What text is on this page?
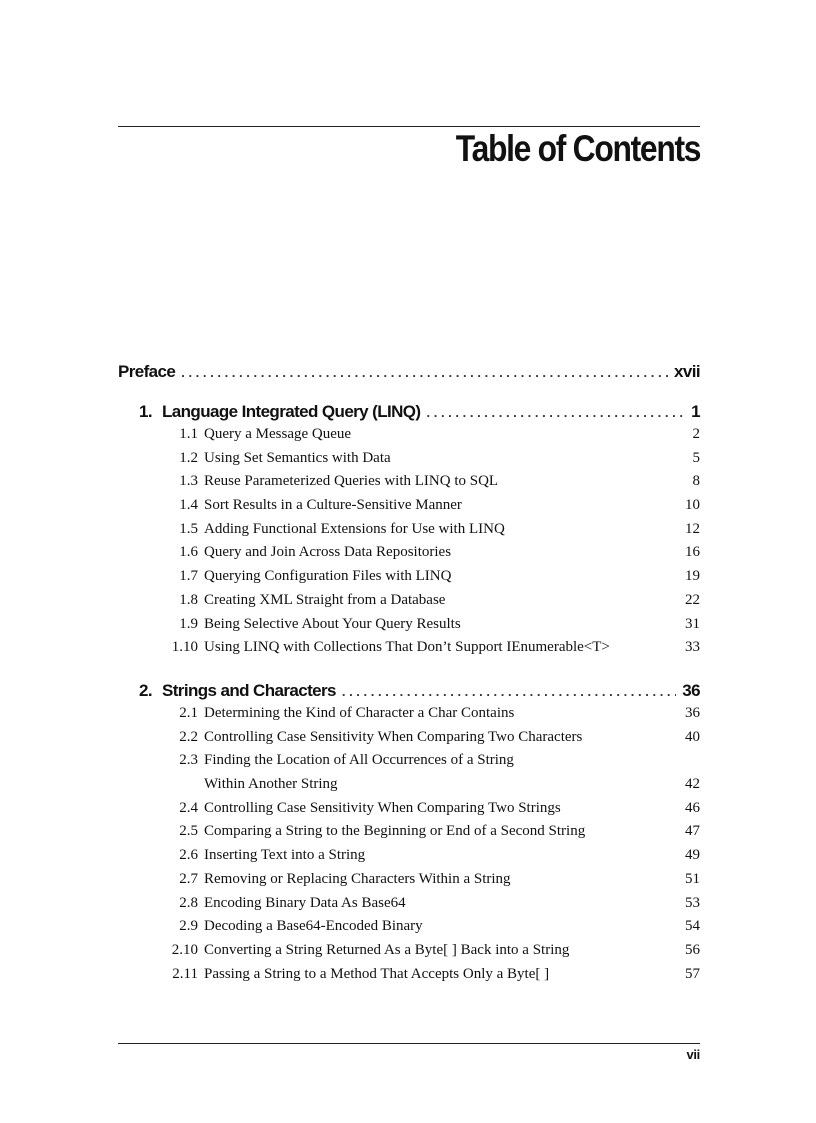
Table of Contents
Preface . . .	xvii
1. Language Integrated Query (LINQ) . . .	1
1.1 Query a Message Queue	2
1.2 Using Set Semantics with Data	5
1.3 Reuse Parameterized Queries with LINQ to SQL	8
1.4 Sort Results in a Culture-Sensitive Manner	10
1.5 Adding Functional Extensions for Use with LINQ	12
1.6 Query and Join Across Data Repositories	16
1.7 Querying Configuration Files with LINQ	19
1.8 Creating XML Straight from a Database	22
1.9 Being Selective About Your Query Results	31
1.10 Using LINQ with Collections That Don’t Support IEnumerable<T>	33
2. Strings and Characters . . .	36
2.1 Determining the Kind of Character a Char Contains	36
2.2 Controlling Case Sensitivity When Comparing Two Characters	40
2.3 Finding the Location of All Occurrences of a String
Within Another String	42
2.4 Controlling Case Sensitivity When Comparing Two Strings	46
2.5 Comparing a String to the Beginning or End of a Second String	47
2.6 Inserting Text into a String	49
2.7 Removing or Replacing Characters Within a String	51
2.8 Encoding Binary Data As Base64	53
2.9 Decoding a Base64-Encoded Binary	54
2.10 Converting a String Returned As a Byte[ ] Back into a String	56
2.11 Passing a String to a Method That Accepts Only a Byte[ ]	57
vii
